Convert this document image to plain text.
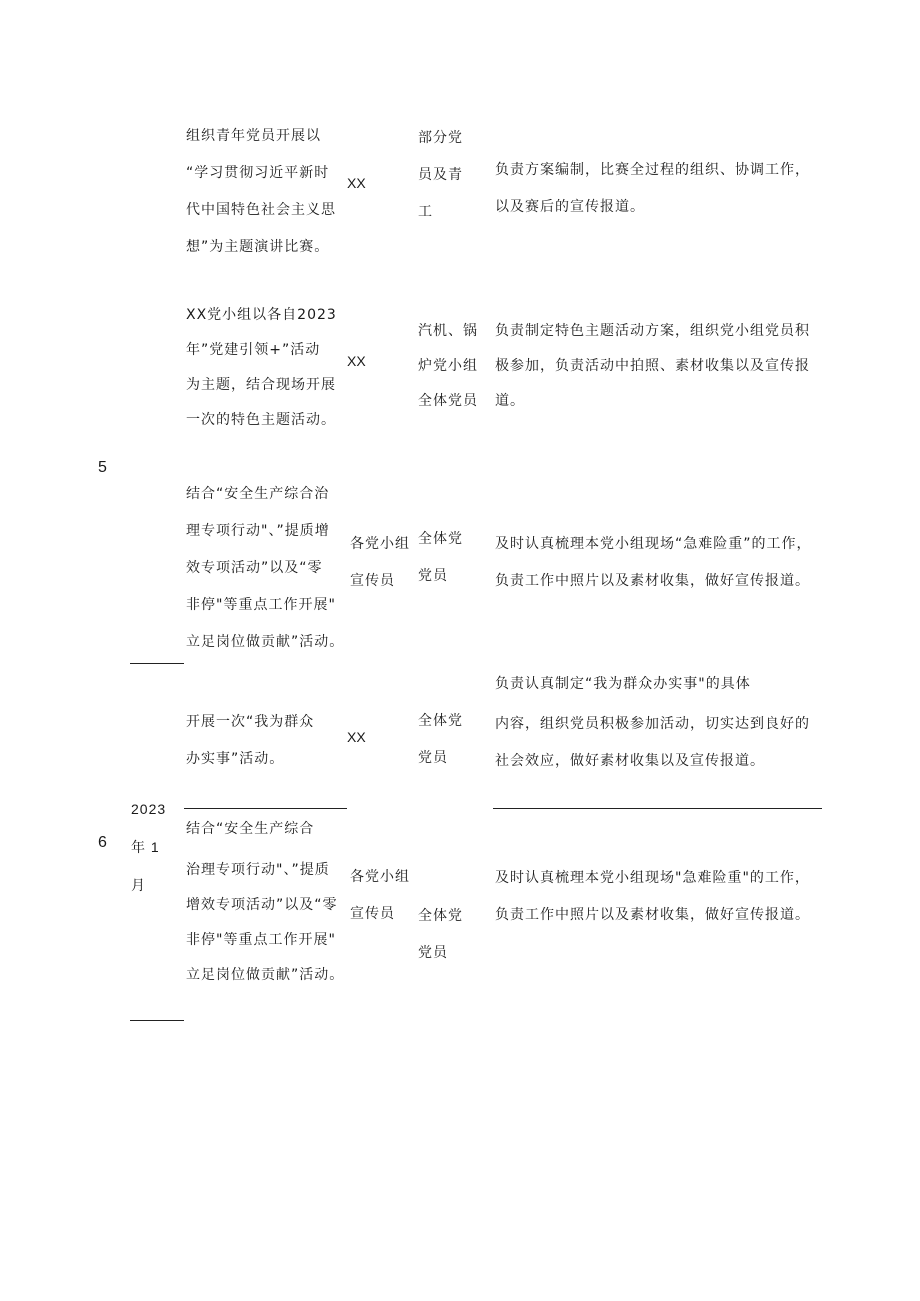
组织青年党员开展以
“学习贯彻习近平新时
代中国特色社会主义思
想”为主题演讲比赛。
XX
部分党
员及青
工
负责方案编制，比赛全过程的组织、协调工作，
以及赛后的宣传报道。
XX党小组以各自2023
年”党建引领+”活动
为主题，结合现场开展
一次的特色主题活动。
XX
汽机、锅
炉党小组
全体党员
负责制定特色主题活动方案，组织党小组党员积
极参加，负责活动中拍照、素材收集以及宣传报
道。
5
结合“安全生产综合治
理专项行动"、”提质增
效专项活动”以及“零
非停"等重点工作开展"
立足岗位做贡献”活动。
各党小组
宣传员
全体党
党员
及时认真梳理本党小组现场“急难险重”的工作，
负责工作中照片以及素材收集，做好宣传报道。
负责认真制定“我为群众办实事"的具体
开展一次“我为群众
办实事”活动。
XX
全体党
党员
内容，组织党员积极参加活动，切实达到良好的
社会效应，做好素材收集以及宣传报道。
6
2023
年 1
月
结合“安全生产综合
治理专项行动"、”提质
增效专项活动”以及“零
非停"等重点工作开展"
立足岗位做贡献”活动。
各党小组
宣传员	全体党
党员
及时认真梳理本党小组现场"急难险重"的工作，
负责工作中照片以及素材收集，做好宣传报道。
